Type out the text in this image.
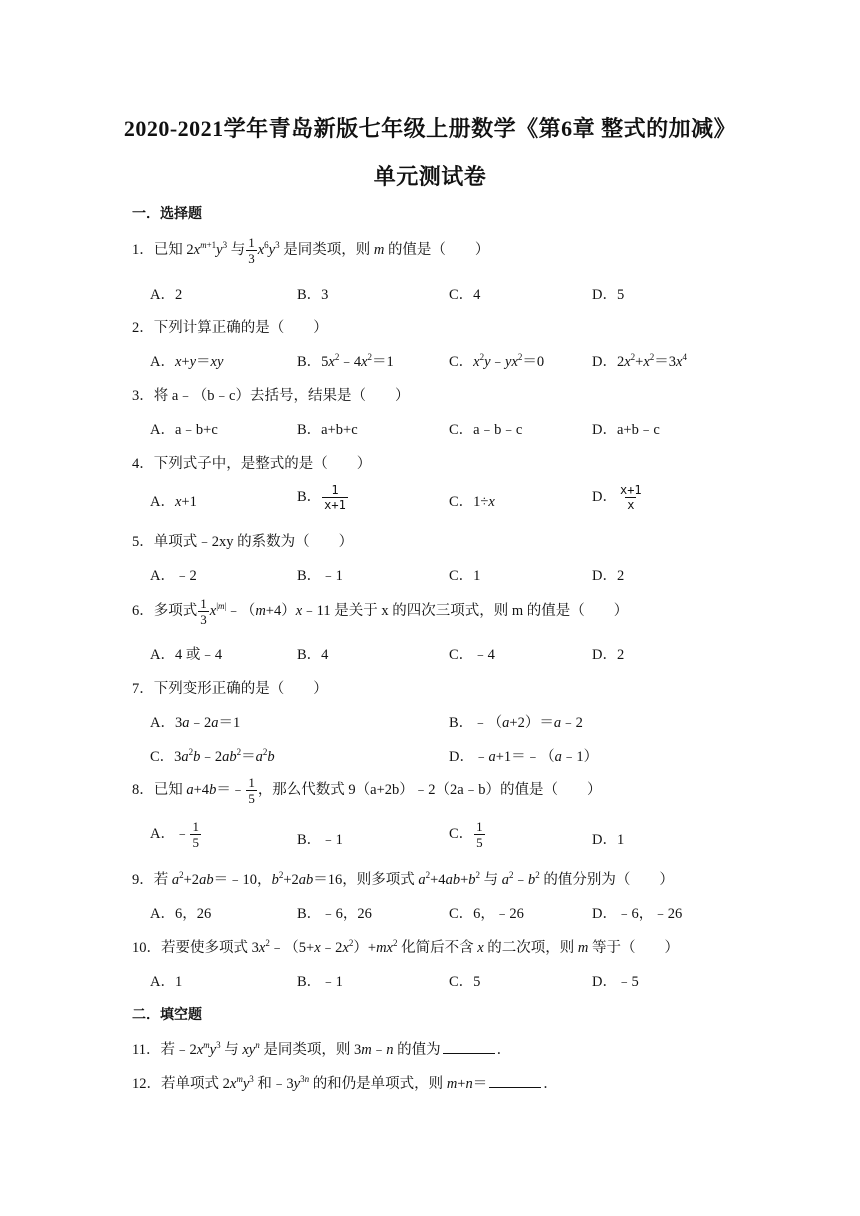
2020-2021学年青岛新版七年级上册数学《第6章 整式的加减》
单元测试卷
一．选择题
1．已知 $2x^{m+1}y^3$ 与 $\frac{1}{3} x^6y^3$ 是同类项，则 m 的值是（　　）
A．2	B．3	C．4	D．5
2．下列计算正确的是（　　）
A．x+y＝xy	B．$5x^2﹣4x^2=1$	C．$x^2y﹣yx^2=0$	D．$2x^2+x^2=3x^4$
3．将 a﹣（b﹣c）去括号，结果是（　　）
A．a﹣b+c	B．a+b+c	C．a﹣b﹣c	D．a+b﹣c
4．下列式子中，是整式的是（　　）
A．x+1	B． $\frac{1}{x+1}$	C．1÷x	D． $\frac{x+1}{x}$
5．单项式﹣2xy 的系数为（　　）
A．﹣2	B．﹣1	C．1	D．2
6．多项式 $\frac{1}{3}$ $x^{|m|}﹣(m+4)x﹣11$ 是关于 x 的四次三项式，则 m 的值是（　　）
A．4 或﹣4	B．4	C．﹣4	D．2
7．下列变形正确的是（　　）
A．3a﹣2a＝1	B．﹣（a+2）＝a﹣2
C．$3a^2b﹣2ab^2=a^2b$	D．﹣a+1＝﹣（a﹣1）
8．已知 a+4b＝﹣ $\frac{1}{5}$ ，那么代数式 9（a+2b）﹣2（2a﹣b）的值是（　　）
A．﹣ $\frac{1}{5}$	B．﹣1	C． $\frac{1}{5}$	D．1
9．若 $a^2+2ab=﹣10$，$b^2+2ab=16$，则多项式 $a^2+4ab+b^2$ 与 $a^2﹣b^2$ 的值分别为（　　）
A．6，26	B．﹣6，26	C．6，﹣26	D．﹣6，﹣26
10．若要使多项式 $3x^2﹣(5+x﹣2x^2)+mx^2$ 化简后不含 x 的二次项，则 m 等于（　　）
A．1	B．﹣1	C．5	D．﹣5
二．填空题
11．若$﹣2x^my^3$ 与 $xy^n$ 是同类项，则 3m﹣n 的值为	．
12．若单项式 $2x^my^3$ 和$﹣3y^{3n}$ 的和仍是单项式，则 m+n＝	．
